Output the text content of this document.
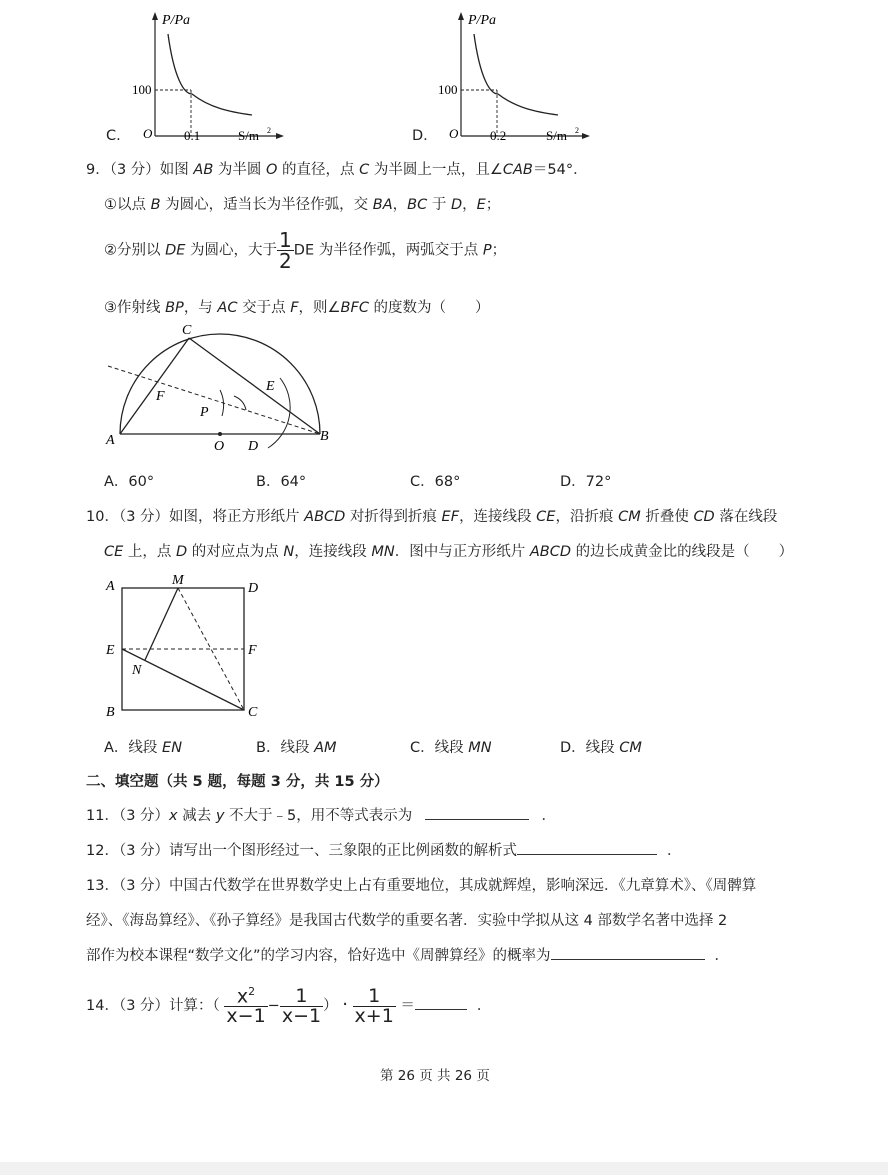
P/Pa
100
O 0.1	S/m 2
C.
P/Pa
100
O 0.2	S/m 2
D.
9．（3 分）如图 AB 为半圆 O 的直径，点 C 为半圆上一点，且∠CAB＝54°．
①以点 B 为圆心，适当长为半径作弧，交 BA，BC 于 D，E；
②分别以 DE 为圆心，大于 $\frac{1}{2}$ DE 为半径作弧，两弧交于点 P；
③作射线 BP，与 AC 交于点 F，则∠BFC 的度数为（　　）
C
F
E
P
A	O D
B
A．60°	B．64°	C．68°	D．72°
10．（3 分）如图，将正方形纸片 ABCD 对折得到折痕 EF，连接线段 CE，沿折痕 CM 折叠使 CD 落在线段
CE 上，点 D 的对应点为点 N，连接线段 MN．图中与正方形纸片 ABCD 的边长成黄金比的线段是（　　）
A	M
D
E	F
N
B	C
A．线段 EN	B．线段 AM	C．线段 MN	D．线段 CM
二、填空题（共 5 题，每题 3 分，共 15 分）
11．（3 分）x 减去 y 不大于﹣5，用不等式表示为	．
12．（3 分）请写出一个图形经过一、三象限的正比例函数的解析式	．
13．（3 分）中国古代数学在世界数学史上占有重要地位，其成就辉煌，影响深远．《九章算术》、《周髀算
经》、《海岛算经》、《孙子算经》是我国古代数学的重要名著．实验中学拟从这 4 部数学名著中选择 2
部作为校本课程“数学文化”的学习内容，恰好选中《周髀算经》的概率为	．
14．（3 分）计算：（ $\frac{x^2}{x-1} - \frac{1}{x-1}$ ） · $\frac{1}{x+1}$ ＝	．
第 26 页 共 26 页
